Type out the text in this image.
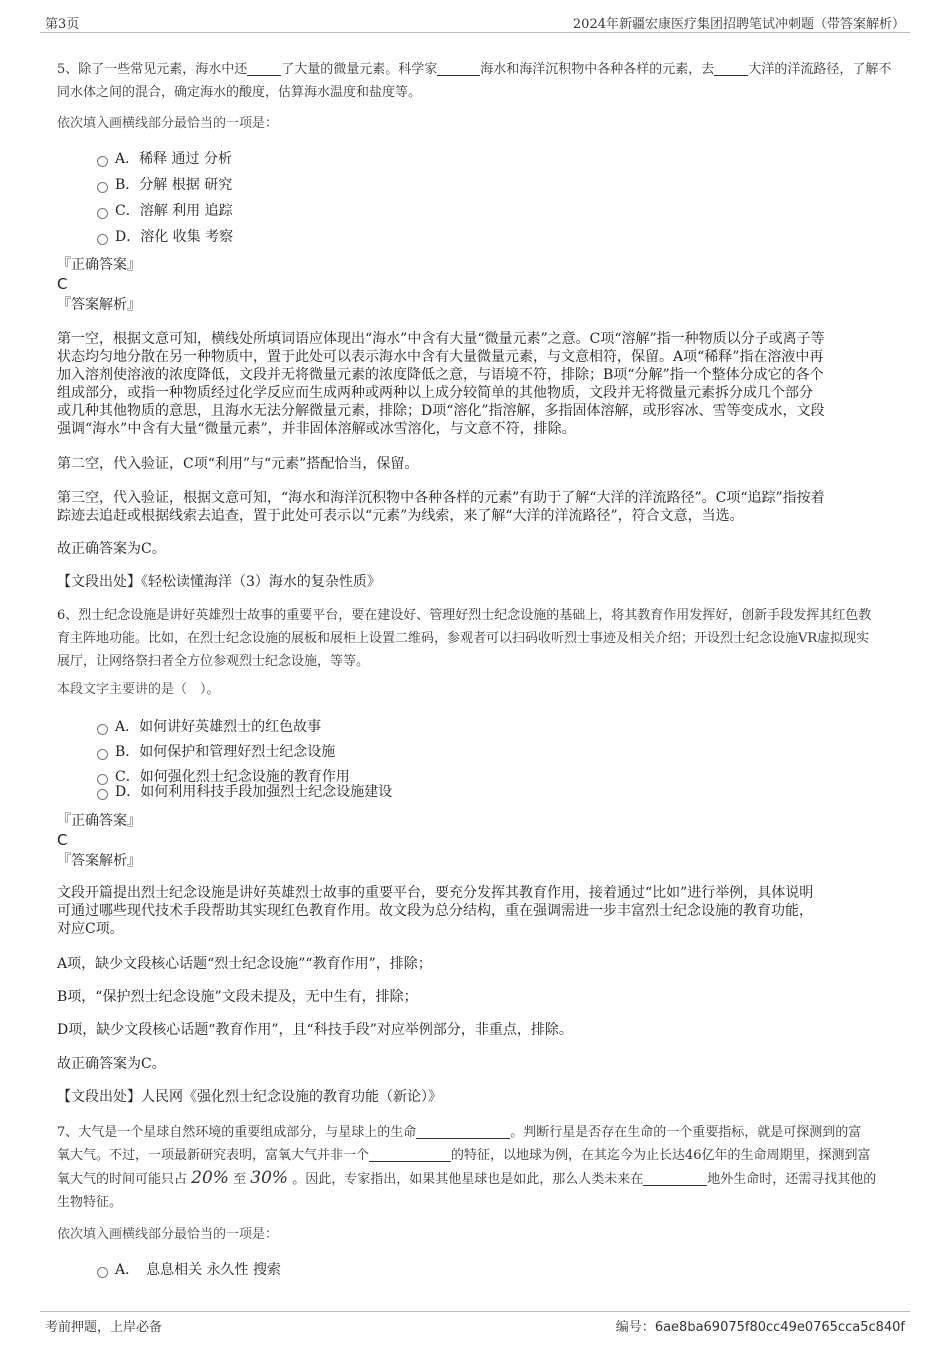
第3页	2024年新疆宏康医疗集团招聘笔试冲刺题（带答案解析）
5、除了一些常见元素，海水中还	了大量的微量元素。科学家	海水和海洋沉积物中各种各样的元素，去	大洋的洋流路径，了解不
同水体之间的混合，确定海水的酸度，估算海水温度和盐度等。
依次填入画横线部分最恰当的一项是：
A．稀释 通过 分析
B．分解 根据 研究
C．溶解 利用 追踪
D．溶化 收集 考察
『正确答案』
C
『答案解析』
第一空，根据文意可知，横线处所填词语应体现出“海水”中含有大量“微量元素”之意。C项“溶解”指一种物质以分子或离子等
状态均匀地分散在另一种物质中，置于此处可以表示海水中含有大量微量元素，与文意相符，保留。A项“稀释”指在溶液中再
加入溶剂使溶液的浓度降低，文段并无将微量元素的浓度降低之意，与语境不符，排除；B项“分解”指一个整体分成它的各个
组成部分，或指一种物质经过化学反应而生成两种或两种以上成分较简单的其他物质，文段并无将微量元素拆分成几个部分
或几种其他物质的意思，且海水无法分解微量元素，排除；D项“溶化”指溶解，多指固体溶解，或形容冰、雪等变成水，文段
强调“海水”中含有大量“微量元素”，并非固体溶解或冰雪溶化，与文意不符，排除。
第二空，代入验证，C项“利用”与“元素”搭配恰当，保留。
第三空，代入验证，根据文意可知，“海水和海洋沉积物中各种各样的元素”有助于了解“大洋的洋流路径”。C项“追踪”指按着
踪迹去追赶或根据线索去追查，置于此处可表示以“元素”为线索，来了解“大洋的洋流路径”，符合文意，当选。
故正确答案为C。
【文段出处】《轻松读懂海洋（3）海水的复杂性质》
6、烈士纪念设施是讲好英雄烈士故事的重要平台，要在建设好、管理好烈士纪念设施的基础上，将其教育作用发挥好，创新手段发挥其红色教
育主阵地功能。比如，在烈士纪念设施的展板和展柜上设置二维码，参观者可以扫码收听烈士事迹及相关介绍；开设烈士纪念设施VR虚拟现实
展厅，让网络祭扫者全方位参观烈士纪念设施，等等。
本段文字主要讲的是（　）。
A．如何讲好英雄烈士的红色故事
B．如何保护和管理好烈士纪念设施
C．如何强化烈士纪念设施的教育作用
D．如何利用科技手段加强烈士纪念设施建设
『正确答案』
C
『答案解析』
文段开篇提出烈士纪念设施是讲好英雄烈士故事的重要平台，要充分发挥其教育作用，接着通过“比如”进行举例，具体说明
可通过哪些现代技术手段帮助其实现红色教育作用。故文段为总分结构，重在强调需进一步丰富烈士纪念设施的教育功能，
对应C项。
A项，缺少文段核心话题“烈士纪念设施”“教育作用”，排除；
B项，“保护烈士纪念设施”文段未提及，无中生有，排除；
D项，缺少文段核心话题“教育作用”，且“科技手段”对应举例部分，非重点，排除。
故正确答案为C。
【文段出处】人民网《强化烈士纪念设施的教育功能（新论）》
7、大气是一个星球自然环境的重要组成部分，与星球上的生命	。判断行星是否存在生命的一个重要指标，就是可探测到的富
氧大气。不过，一项最新研究表明，富氧大气并非一个	的特征，以地球为例，在其迄今为止长达46亿年的生命周期里，探测到富
氧大气的时间可能只占 20% 至 30% 。因此，专家指出，如果其他星球也是如此，那么人类未来在	地外生命时，还需寻找其他的
生物特征。
依次填入画横线部分最恰当的一项是：
A．　息息相关 永久性 搜索
考前押题，上岸必备	编号：6ae8ba69075f80cc49e0765cca5c840f
